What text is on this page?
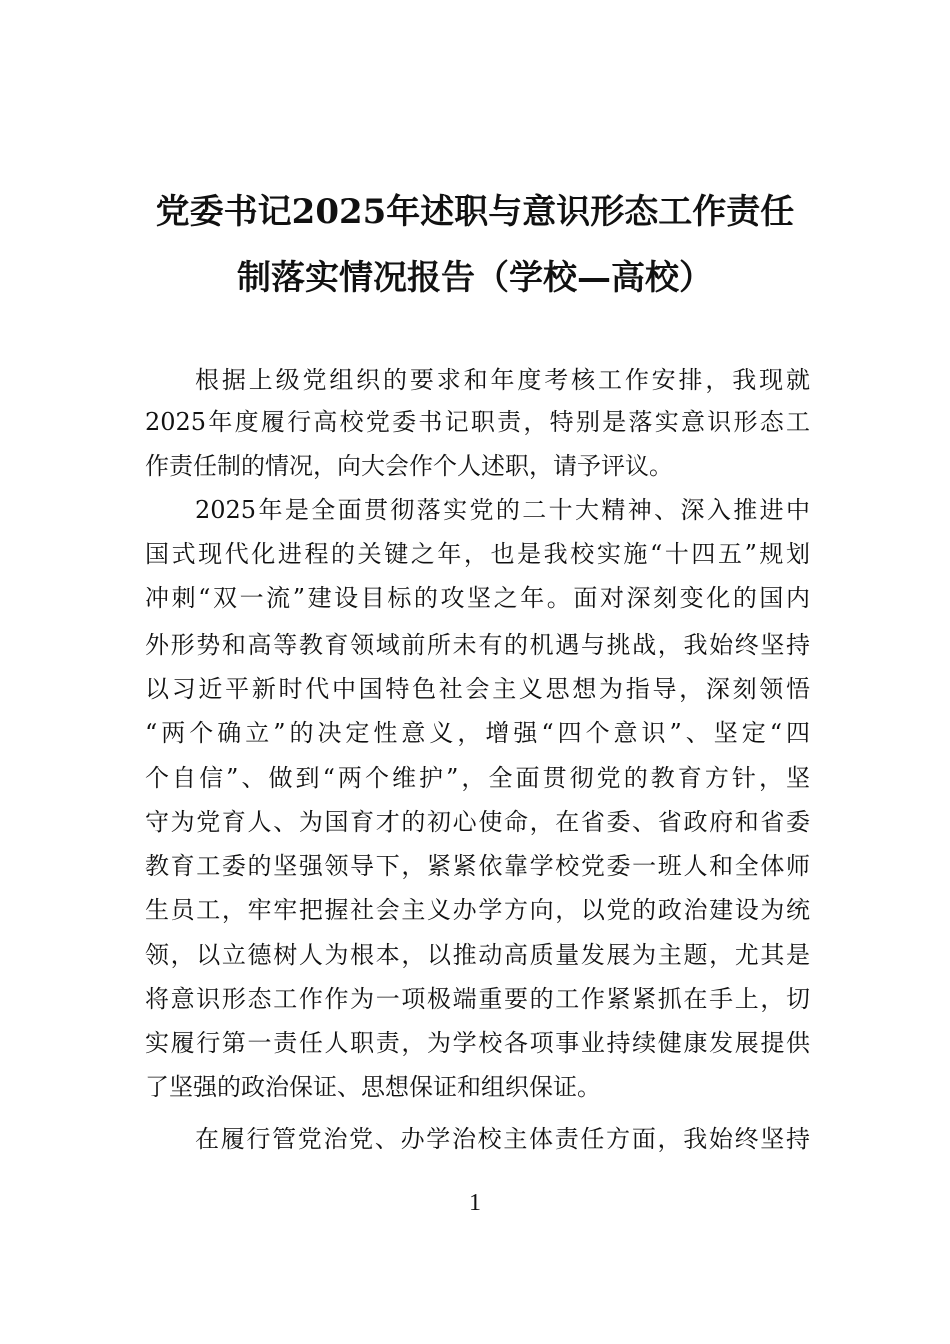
党委书记2025年述职与意识形态工作责任
制落实情况报告（学校—高校）
根据上级党组织的要求和年度考核工作安排，我现就
2025年度履行高校党委书记职责，特别是落实意识形态工
作责任制的情况，向大会作个人述职，请予评议。
2025年是全面贯彻落实党的二十大精神、深入推进中
国式现代化进程的关键之年，也是我校实施“十四五”规划
冲刺“双一流”建设目标的攻坚之年。面对深刻变化的国内
外形势和高等教育领域前所未有的机遇与挑战，我始终坚持
以习近平新时代中国特色社会主义思想为指导，深刻领悟
“两个确立”的决定性意义，增强“四个意识”、坚定“四
个自信”、做到“两个维护”，全面贯彻党的教育方针，坚
守为党育人、为国育才的初心使命，在省委、省政府和省委
教育工委的坚强领导下，紧紧依靠学校党委一班人和全体师
生员工，牢牢把握社会主义办学方向，以党的政治建设为统
领，以立德树人为根本，以推动高质量发展为主题，尤其是
将意识形态工作作为一项极端重要的工作紧紧抓在手上，切
实履行第一责任人职责，为学校各项事业持续健康发展提供
了坚强的政治保证、思想保证和组织保证。
在履行管党治党、办学治校主体责任方面，我始终坚持
1
